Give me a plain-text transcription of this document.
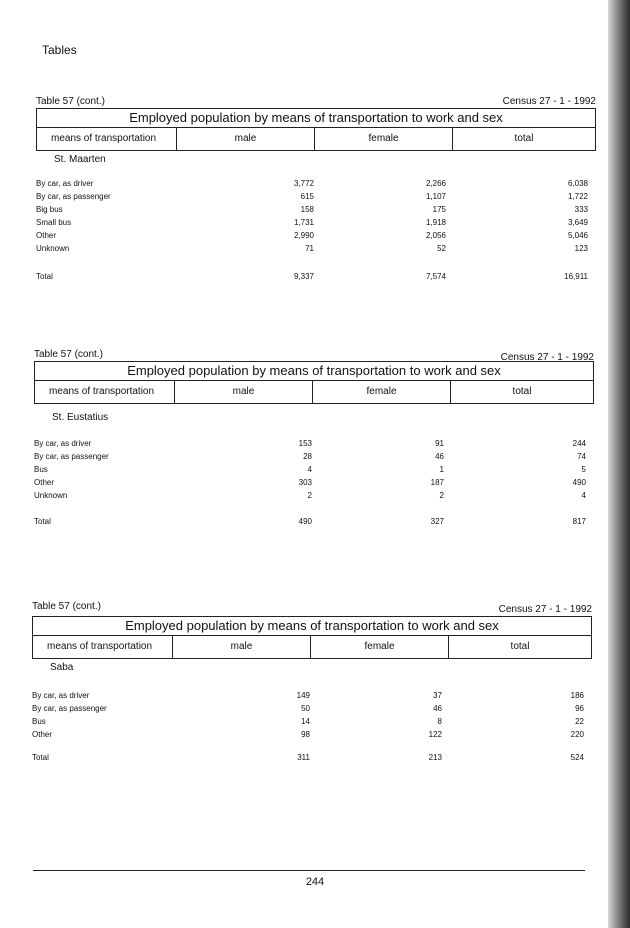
Tables
Table 57 (cont.)	Census 27 - 1 - 1992
Employed population by means of transportation to work and sex
means of transportation	male	female	total
St. Maarten
By car, as driver	3,772	2,266	6,038
By car, as passenger	615	1,107	1,722
Big bus	158	175	333
Small bus	1,731	1,918	3,649
Other	2,990	2,056	5,046
Unknown	71	52	123
Total	9,337	7,574	16,911
Table 57 (cont.)	Census 27 - 1 - 1992
Employed population by means of transportation to work and sex
means of transportation	male	female	total
St. Eustatius
By car, as driver	153	91	244
By car, as passenger	28	46	74
Bus	4	1	5
Other	303	187	490
Unknown	2	2	4
Total	490	327	817
Table 57 (cont.)	Census 27 - 1 - 1992
Employed population by means of transportation to work and sex
means of transportation	male	female	total
Saba
By car, as driver	149	37	186
By car, as passenger	50	46	96
Bus	14	8	22
Other	98	122	220
Total	311	213	524
244
